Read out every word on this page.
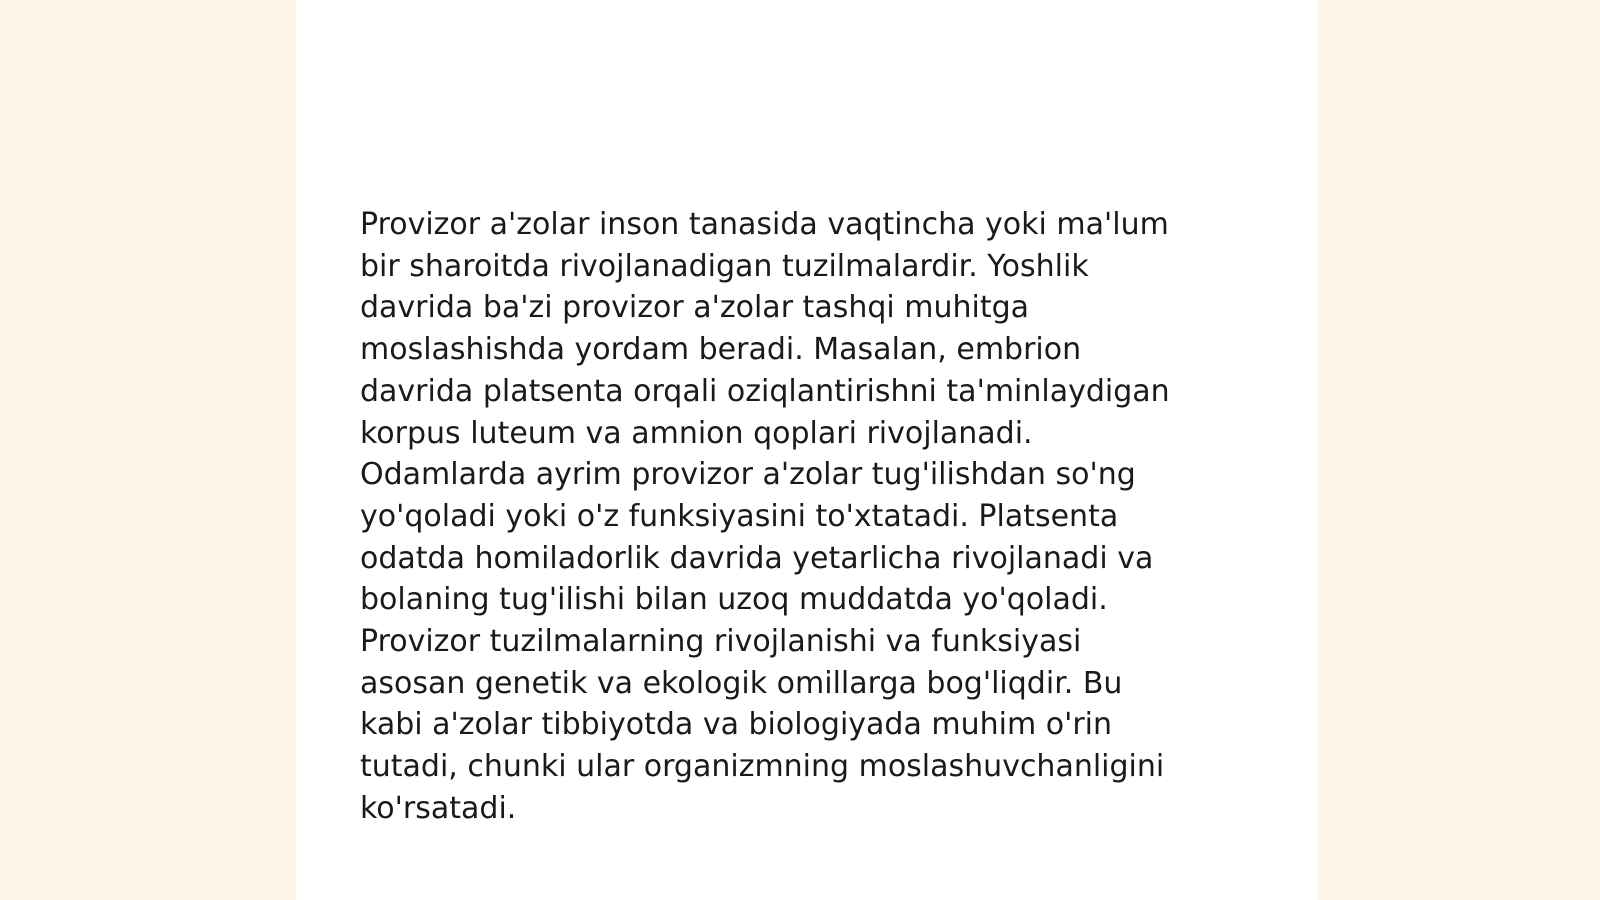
Provizor a'zolar inson tanasida vaqtincha yoki ma'lum
bir sharoitda rivojlanadigan tuzilmalardir. Yoshlik
davrida ba'zi provizor a'zolar tashqi muhitga
moslashishda yordam beradi. Masalan, embrion
davrida platsenta orqali oziqlantirishni ta'minlaydigan
korpus luteum va amnion qoplari rivojlanadi.
Odamlarda ayrim provizor a'zolar tug'ilishdan so'ng
yo'qoladi yoki o'z funksiyasini to'xtatadi. Platsenta
odatda homiladorlik davrida yetarlicha rivojlanadi va
bolaning tug'ilishi bilan uzoq muddatda yo'qoladi.
Provizor tuzilmalarning rivojlanishi va funksiyasi
asosan genetik va ekologik omillarga bog'liqdir. Bu
kabi a'zolar tibbiyotda va biologiyada muhim o'rin
tutadi, chunki ular organizmning moslashuvchanligini
ko'rsatadi.
